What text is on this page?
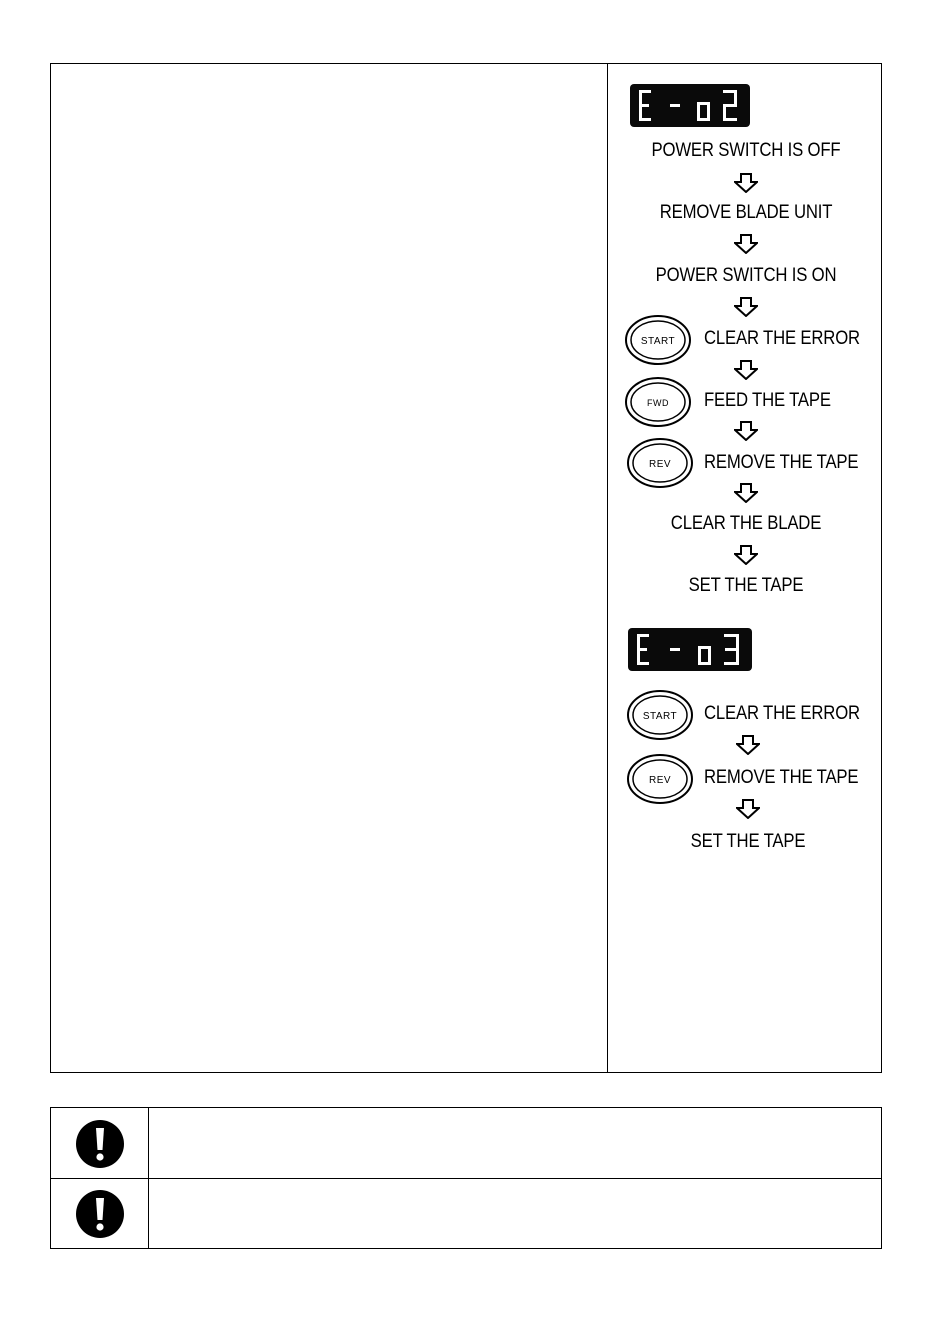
POWER SWITCH IS OFF
REMOVE BLADE UNIT
POWER SWITCH IS ON
START CLEAR THE ERROR
FWD FEED THE TAPE
REV REMOVE THE TAPE
CLEAR THE BLADE
SET THE TAPE
START CLEAR THE ERROR
REV REMOVE THE TAPE
SET THE TAPE
